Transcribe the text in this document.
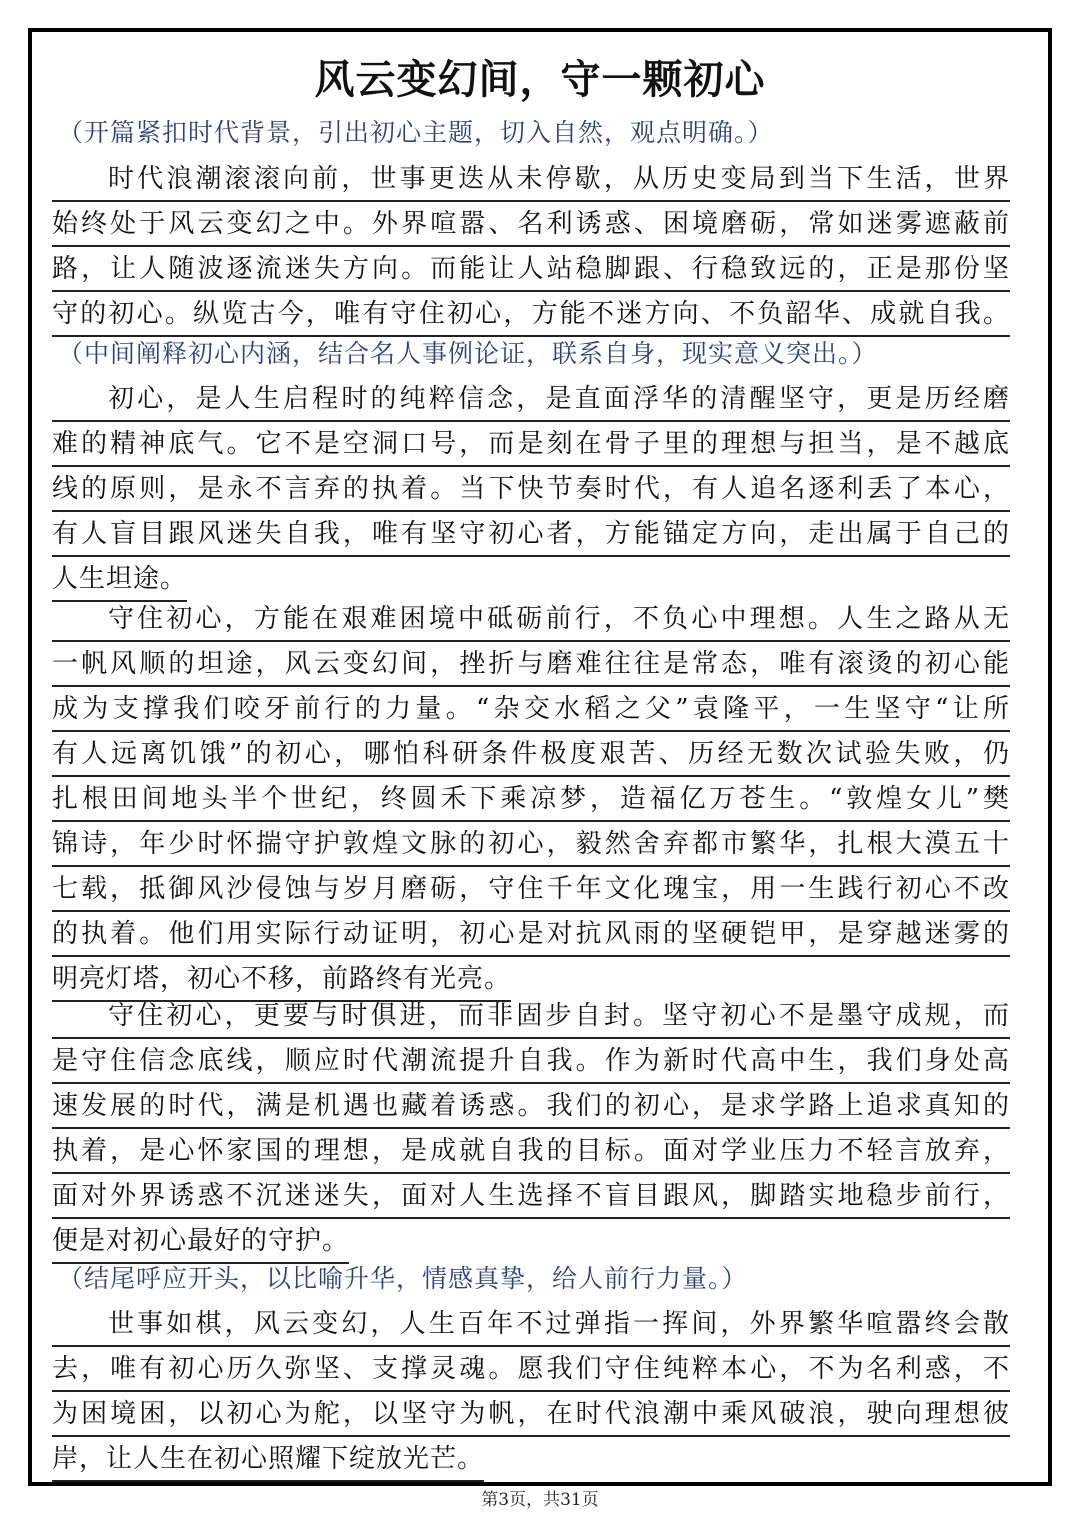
风云变幻间，守一颗初心
（开篇紧扣时代背景，引出初心主题，切入自然，观点明确。）
时代浪潮滚滚向前，世事更迭从未停歇，从历史变局到当下生活，世界
始终处于风云变幻之中。外界喧嚣、名利诱惑、困境磨砺，常如迷雾遮蔽前
路，让人随波逐流迷失方向。而能让人站稳脚跟、行稳致远的，正是那份坚
守的初心。纵览古今，唯有守住初心，方能不迷方向、不负韶华、成就自我。
（中间阐释初心内涵，结合名人事例论证，联系自身，现实意义突出。）
初心，是人生启程时的纯粹信念，是直面浮华的清醒坚守，更是历经磨
难的精神底气。它不是空洞口号，而是刻在骨子里的理想与担当，是不越底
线的原则，是永不言弃的执着。当下快节奏时代，有人追名逐利丢了本心，
有人盲目跟风迷失自我，唯有坚守初心者，方能锚定方向，走出属于自己的
人生坦途。
守住初心，方能在艰难困境中砥砺前行，不负心中理想。人生之路从无
一帆风顺的坦途，风云变幻间，挫折与磨难往往是常态，唯有滚烫的初心能
成为支撑我们咬牙前行的力量。“杂交水稻之父”袁隆平，一生坚守“让所
有人远离饥饿”的初心，哪怕科研条件极度艰苦、历经无数次试验失败，仍
扎根田间地头半个世纪，终圆禾下乘凉梦，造福亿万苍生。“敦煌女儿”樊
锦诗，年少时怀揣守护敦煌文脉的初心，毅然舍弃都市繁华，扎根大漠五十
七载，抵御风沙侵蚀与岁月磨砺，守住千年文化瑰宝，用一生践行初心不改
的执着。他们用实际行动证明，初心是对抗风雨的坚硬铠甲，是穿越迷雾的
明亮灯塔，初心不移，前路终有光亮。
守住初心，更要与时俱进，而非固步自封。坚守初心不是墨守成规，而
是守住信念底线，顺应时代潮流提升自我。作为新时代高中生，我们身处高
速发展的时代，满是机遇也藏着诱惑。我们的初心，是求学路上追求真知的
执着，是心怀家国的理想，是成就自我的目标。面对学业压力不轻言放弃，
面对外界诱惑不沉迷迷失，面对人生选择不盲目跟风，脚踏实地稳步前行，
便是对初心最好的守护。
（结尾呼应开头，以比喻升华，情感真挚，给人前行力量。）
世事如棋，风云变幻，人生百年不过弹指一挥间，外界繁华喧嚣终会散
去，唯有初心历久弥坚、支撑灵魂。愿我们守住纯粹本心，不为名利惑，不
为困境困，以初心为舵，以坚守为帆，在时代浪潮中乘风破浪，驶向理想彼
岸，让人生在初心照耀下绽放光芒。
第3页，共31页
